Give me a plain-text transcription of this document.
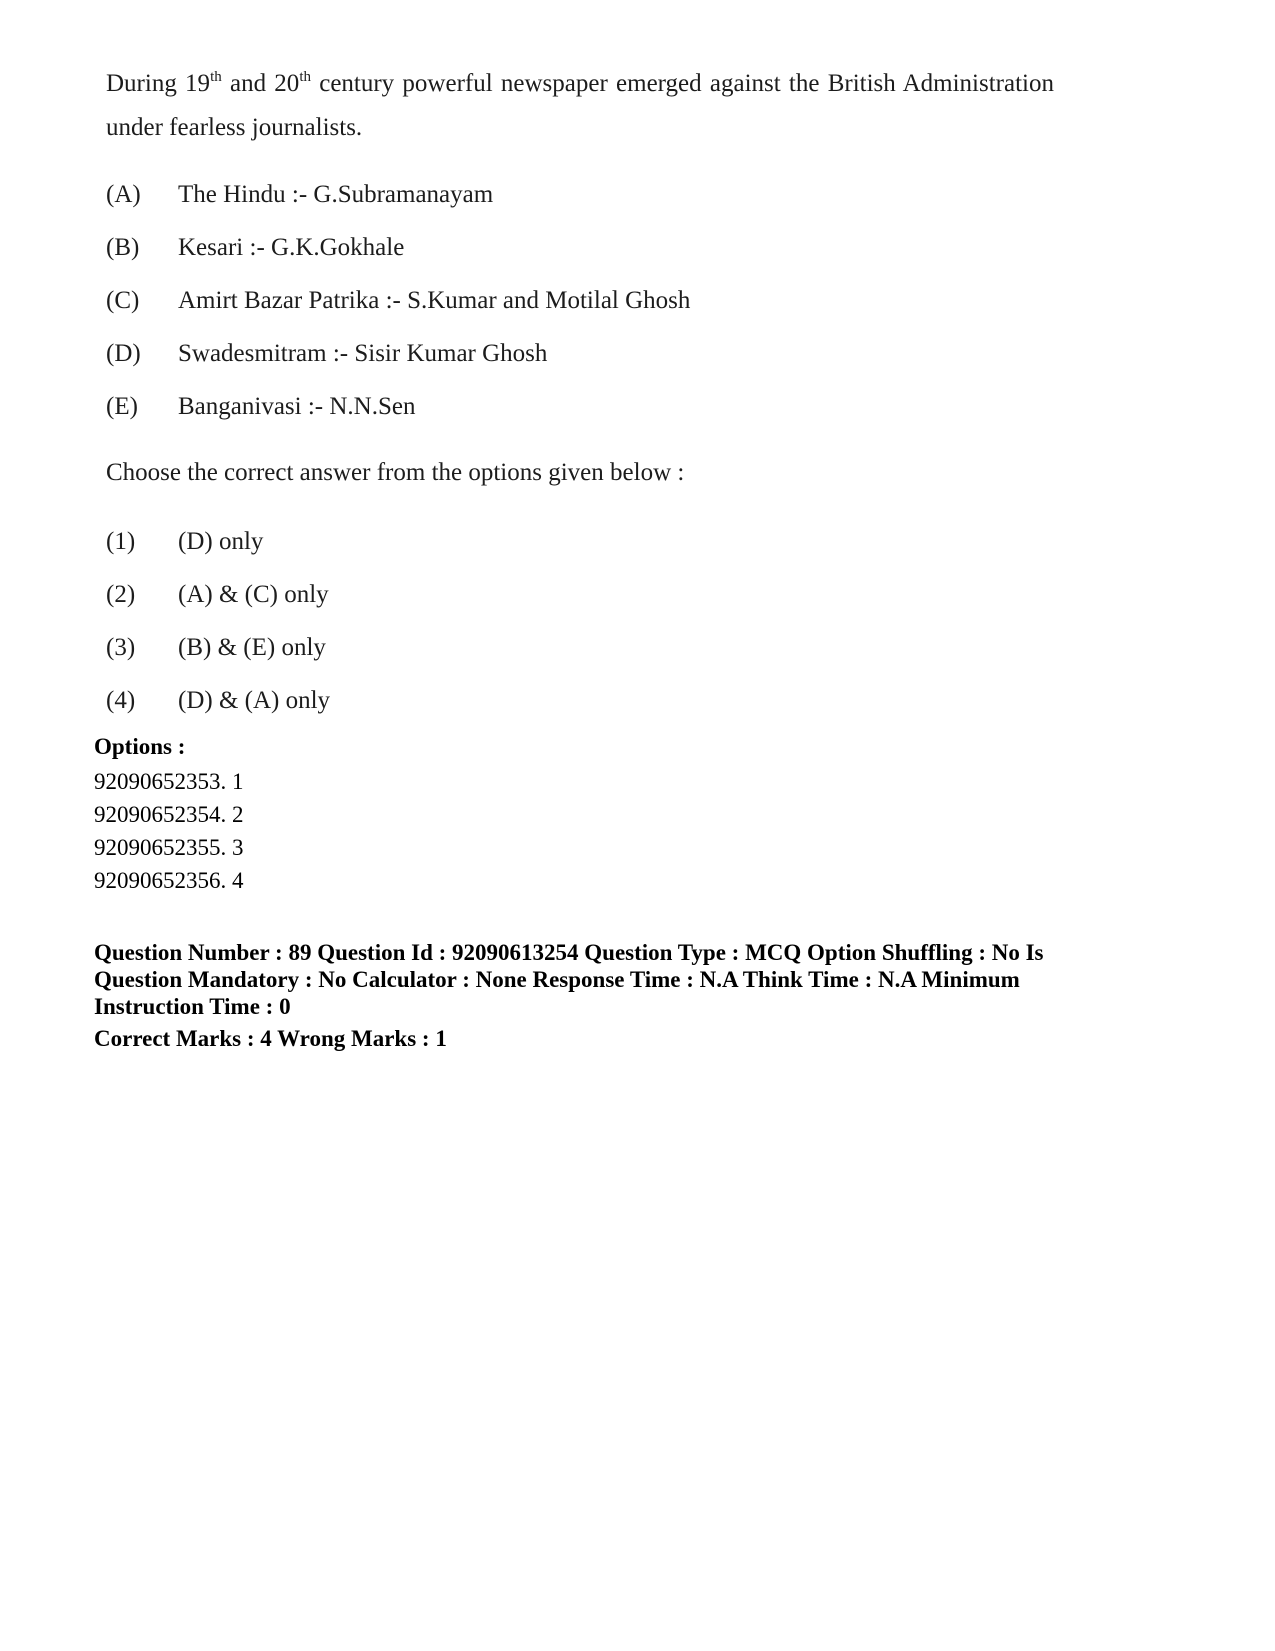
During 19th and 20th century powerful newspaper emerged against the British Administration under fearless journalists.

(A)	The Hindu :- G.Subramanayam
(B)	Kesari :- G.K.Gokhale
(C)	Amirt Bazar Patrika :- S.Kumar and Motilal Ghosh
(D)	Swadesmitram :- Sisir Kumar Ghosh
(E)	Banganivasi :- N.N.Sen
Choose the correct answer from the options given below :
(1)	(D) only
(2)	(A) & (C) only
(3)	(B) & (E) only
(4)	(D) & (A) only
Options :
92090652353. 1
92090652354. 2
92090652355. 3
92090652356. 4
Question Number : 89 Question Id : 92090613254 Question Type : MCQ Option Shuffling : No Is Question Mandatory : No Calculator : None Response Time : N.A Think Time : N.A Minimum Instruction Time : 0
Correct Marks : 4 Wrong Marks : 1
